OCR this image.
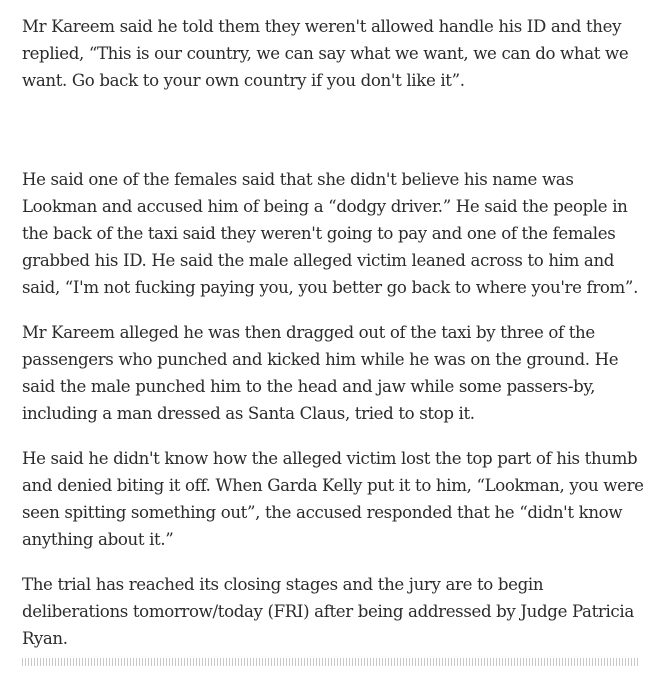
Mr Kareem said he told them they weren't allowed handle his ID and they replied, “This is our country, we can say what we want, we can do what we want. Go back to your own country if you don't like it”.

He said one of the females said that she didn't believe his name was Lookman and accused him of being a “dodgy driver.” He said the people in the back of the taxi said they weren't going to pay and one of the females grabbed his ID. He said the male alleged victim leaned across to him and said, “I'm not fucking paying you, you better go back to where you're from”.

Mr Kareem alleged he was then dragged out of the taxi by three of the passengers who punched and kicked him while he was on the ground. He said the male punched him to the head and jaw while some passers-by, including a man dressed as Santa Claus, tried to stop it.

He said he didn't know how the alleged victim lost the top part of his thumb and denied biting it off. When Garda Kelly put it to him, “Lookman, you were seen spitting something out”, the accused responded that he “didn't know anything about it.”

The trial has reached its closing stages and the jury are to begin deliberations tomorrow/today (FRI) after being addressed by Judge Patricia Ryan.
